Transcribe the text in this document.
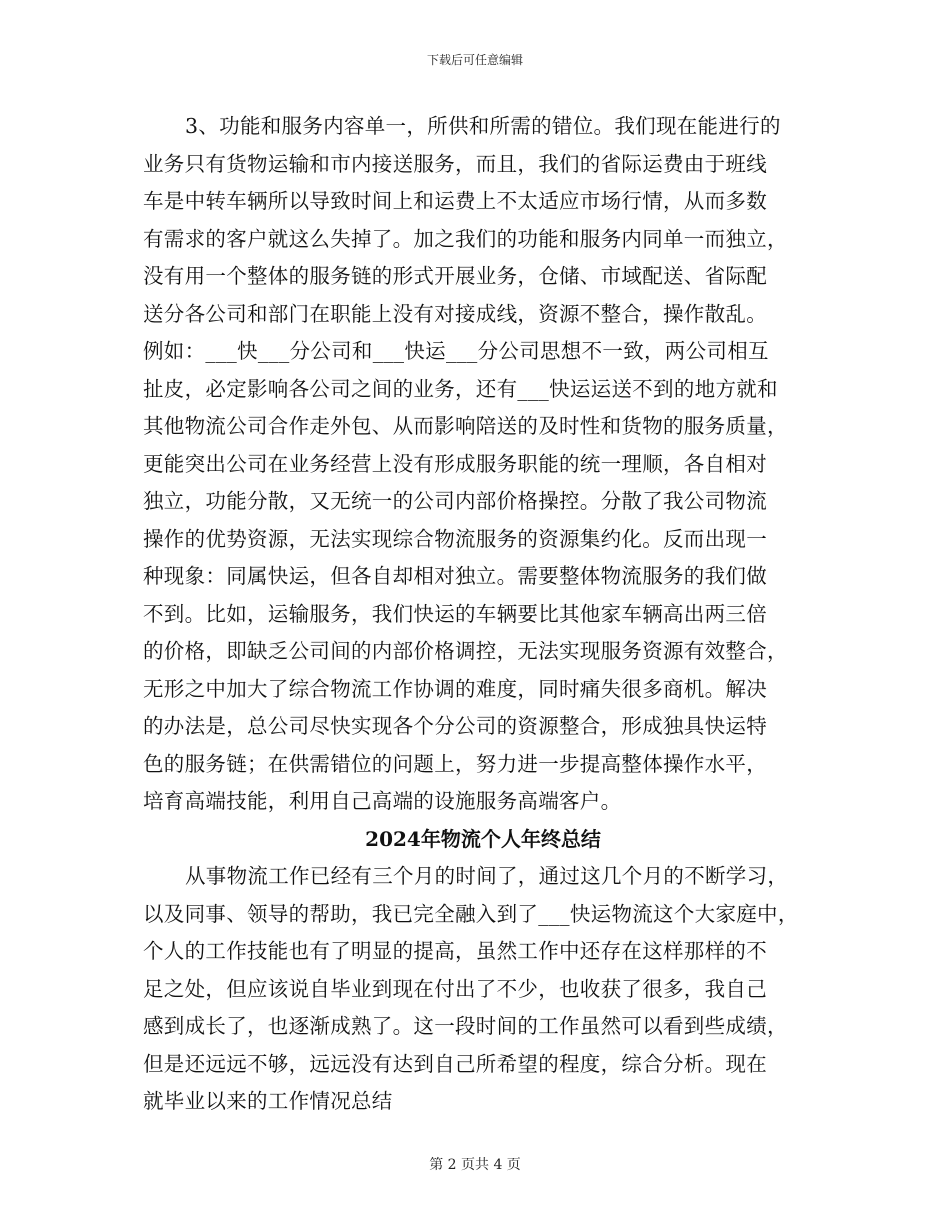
下载后可任意编辑
3、功能和服务内容单一，所供和所需的错位。我们现在能进行的
业务只有货物运输和市内接送服务，而且，我们的省际运费由于班线
车是中转车辆所以导致时间上和运费上不太适应市场行情，从而多数
有需求的客户就这么失掉了。加之我们的功能和服务内同单一而独立，
没有用一个整体的服务链的形式开展业务，仓储、市域配送、省际配
送分各公司和部门在职能上没有对接成线，资源不整合，操作散乱。
例如：___快___分公司和___快运___分公司思想不一致，两公司相互
扯皮，必定影响各公司之间的业务，还有___快运运送不到的地方就和
其他物流公司合作走外包、从而影响陪送的及时性和货物的服务质量，
更能突出公司在业务经营上没有形成服务职能的统一理顺，各自相对
独立，功能分散，又无统一的公司内部价格操控。分散了我公司物流
操作的优势资源，无法实现综合物流服务的资源集约化。反而出现一
种现象：同属快运，但各自却相对独立。需要整体物流服务的我们做
不到。比如，运输服务，我们快运的车辆要比其他家车辆高出两三倍
的价格，即缺乏公司间的内部价格调控，无法实现服务资源有效整合，
无形之中加大了综合物流工作协调的难度，同时痛失很多商机。解决
的办法是，总公司尽快实现各个分公司的资源整合，形成独具快运特
色的服务链；在供需错位的问题上，努力进一步提高整体操作水平，
培育高端技能，利用自己高端的设施服务高端客户。
2024年物流个人年终总结
从事物流工作已经有三个月的时间了，通过这几个月的不断学习，
以及同事、领导的帮助，我已完全融入到了___快运物流这个大家庭中，
个人的工作技能也有了明显的提高，虽然工作中还存在这样那样的不
足之处，但应该说自毕业到现在付出了不少，也收获了很多，我自己
感到成长了，也逐渐成熟了。这一段时间的工作虽然可以看到些成绩，
但是还远远不够，远远没有达到自己所希望的程度，综合分析。现在
就毕业以来的工作情况总结
第 2 页共 4 页
